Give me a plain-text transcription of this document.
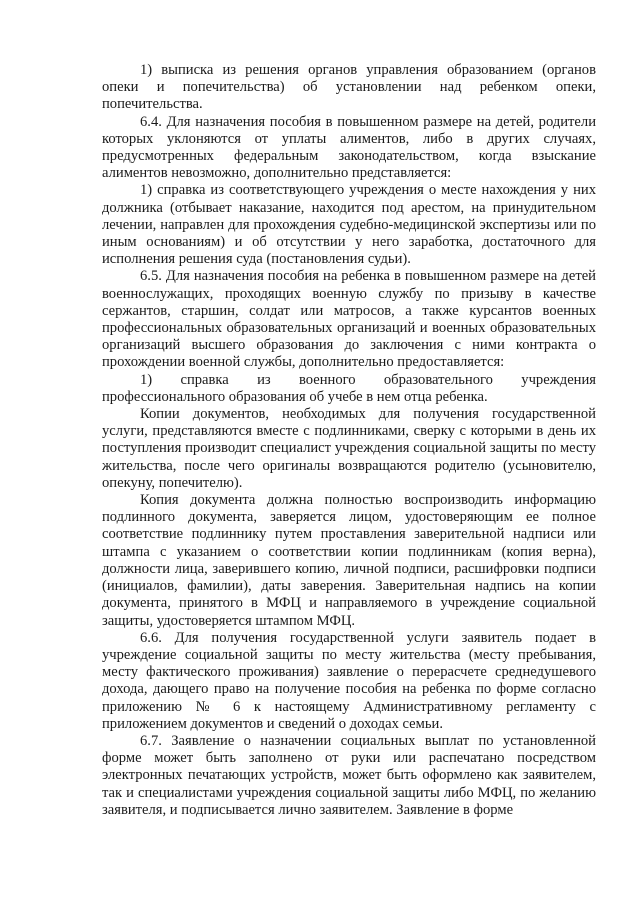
1) выписка из решения органов управления образованием (органов опеки и попечительства) об установлении над ребенком опеки, попечительства.

6.4. Для назначения пособия в повышенном размере на детей, родители которых уклоняются от уплаты алиментов, либо в других случаях, предусмотренных федеральным законодательством, когда взыскание алиментов невозможно, дополнительно представляется:

1) справка из соответствующего учреждения о месте нахождения у них должника (отбывает наказание, находится под арестом, на принудительном лечении, направлен для прохождения судебно-медицинской экспертизы или по иным основаниям) и об отсутствии у него заработка, достаточного для исполнения решения суда (постановления судьи).

6.5. Для назначения пособия на ребенка в повышенном размере на детей военнослужащих, проходящих военную службу по призыву в качестве сержантов, старшин, солдат или матросов, а также курсантов военных профессиональных образовательных организаций и военных образовательных организаций высшего образования до заключения с ними контракта о прохождении военной службы, дополнительно предоставляется:

1) справка из военного образовательного учреждения профессионального образования об учебе в нем отца ребенка.

Копии документов, необходимых для получения государственной услуги, представляются вместе с подлинниками, сверку с которыми в день их поступления производит специалист учреждения социальной защиты по месту жительства, после чего оригиналы возвращаются родителю (усыновителю, опекуну, попечителю).

Копия документа должна полностью воспроизводить информацию подлинного документа, заверяется лицом, удостоверяющим ее полное соответствие подлиннику путем проставления заверительной надписи или штампа с указанием о соответствии копии подлинникам (копия верна), должности лица, заверившего копию, личной подписи, расшифровки подписи (инициалов, фамилии), даты заверения. Заверительная надпись на копии документа, принятого в МФЦ и направляемого в учреждение социальной защиты, удостоверяется штампом МФЦ.

6.6. Для получения государственной услуги заявитель подает в учреждение социальной защиты по месту жительства (месту пребывания, месту фактического проживания) заявление о перерасчете среднедушевого дохода, дающего право на получение пособия на ребенка по форме согласно приложению № 6 к настоящему Административному регламенту с приложением документов и сведений о доходах семьи.

6.7. Заявление о назначении социальных выплат по установленной форме может быть заполнено от руки или распечатано посредством электронных печатающих устройств, может быть оформлено как заявителем, так и специалистами учреждения социальной защиты либо МФЦ, по желанию заявителя, и подписывается лично заявителем. Заявление в форме
